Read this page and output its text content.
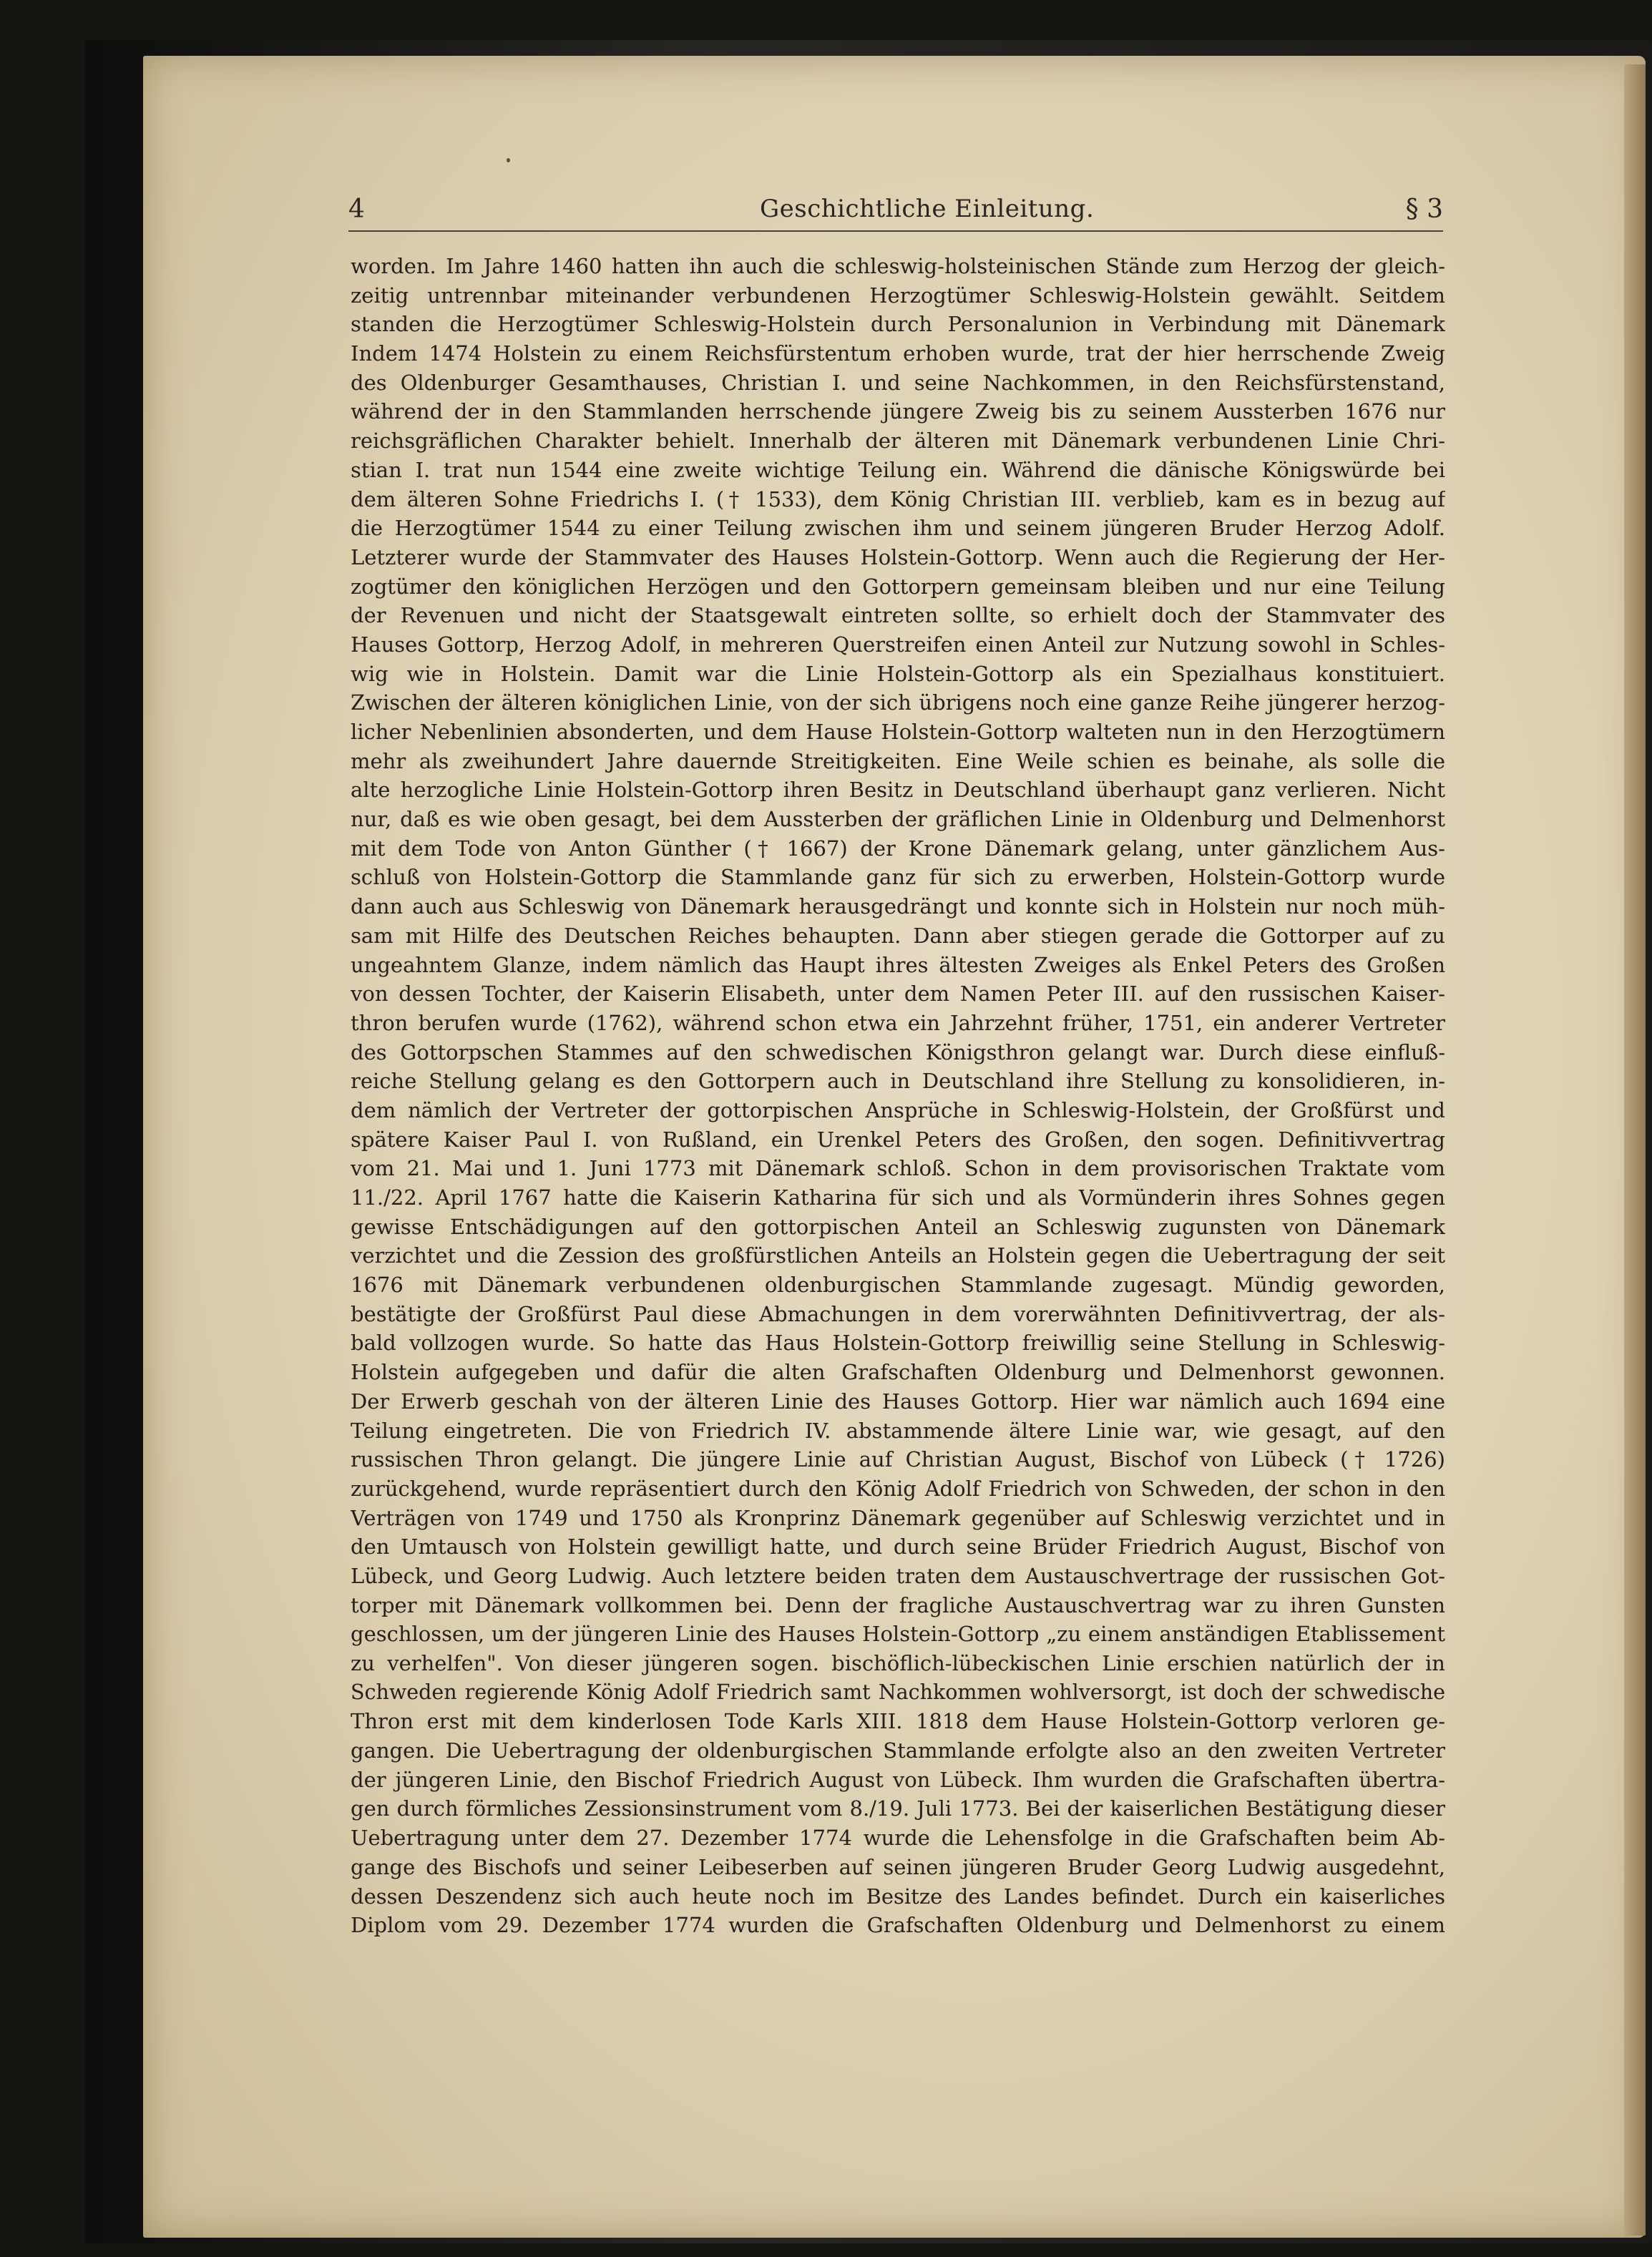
4	Geschichtliche Einleitung.	§ 3
worden. Im Jahre 1460 hatten ihn auch die schleswig-holsteinischen Stände zum Herzog der gleich-
zeitig untrennbar miteinander verbundenen Herzogtümer Schleswig-Holstein gewählt. Seitdem
standen die Herzogtümer Schleswig-Holstein durch Personalunion in Verbindung mit Dänemark
Indem 1474 Holstein zu einem Reichsfürstentum erhoben wurde, trat der hier herrschende Zweig
des Oldenburger Gesamthauses, Christian I. und seine Nachkommen, in den Reichsfürstenstand,
während der in den Stammlanden herrschende jüngere Zweig bis zu seinem Aussterben 1676 nur
reichsgräflichen Charakter behielt. Innerhalb der älteren mit Dänemark verbundenen Linie Chri-
stian I. trat nun 1544 eine zweite wichtige Teilung ein. Während die dänische Königswürde bei
dem älteren Sohne Friedrichs I. († 1533), dem König Christian III. verblieb, kam es in bezug auf
die Herzogtümer 1544 zu einer Teilung zwischen ihm und seinem jüngeren Bruder Herzog Adolf.
Letzterer wurde der Stammvater des Hauses Holstein-Gottorp. Wenn auch die Regierung der Her-
zogtümer den königlichen Herzögen und den Gottorpern gemeinsam bleiben und nur eine Teilung
der Revenuen und nicht der Staatsgewalt eintreten sollte, so erhielt doch der Stammvater des
Hauses Gottorp, Herzog Adolf, in mehreren Querstreifen einen Anteil zur Nutzung sowohl in Schles-
wig wie in Holstein. Damit war die Linie Holstein-Gottorp als ein Spezialhaus konstituiert.
Zwischen der älteren königlichen Linie, von der sich übrigens noch eine ganze Reihe jüngerer herzog-
licher Nebenlinien absonderten, und dem Hause Holstein-Gottorp walteten nun in den Herzogtümern
mehr als zweihundert Jahre dauernde Streitigkeiten. Eine Weile schien es beinahe, als solle die
alte herzogliche Linie Holstein-Gottorp ihren Besitz in Deutschland überhaupt ganz verlieren. Nicht
nur, daß es wie oben gesagt, bei dem Aussterben der gräflichen Linie in Oldenburg und Delmenhorst
mit dem Tode von Anton Günther († 1667) der Krone Dänemark gelang, unter gänzlichem Aus-
schluß von Holstein-Gottorp die Stammlande ganz für sich zu erwerben, Holstein-Gottorp wurde
dann auch aus Schleswig von Dänemark herausgedrängt und konnte sich in Holstein nur noch müh-
sam mit Hilfe des Deutschen Reiches behaupten. Dann aber stiegen gerade die Gottorper auf zu
ungeahntem Glanze, indem nämlich das Haupt ihres ältesten Zweiges als Enkel Peters des Großen
von dessen Tochter, der Kaiserin Elisabeth, unter dem Namen Peter III. auf den russischen Kaiser-
thron berufen wurde (1762), während schon etwa ein Jahrzehnt früher, 1751, ein anderer Vertreter
des Gottorpschen Stammes auf den schwedischen Königsthron gelangt war. Durch diese einfluß-
reiche Stellung gelang es den Gottorpern auch in Deutschland ihre Stellung zu konsolidieren, in-
dem nämlich der Vertreter der gottorpischen Ansprüche in Schleswig-Holstein, der Großfürst und
spätere Kaiser Paul I. von Rußland, ein Urenkel Peters des Großen, den sogen. Definitivvertrag
vom 21. Mai und 1. Juni 1773 mit Dänemark schloß. Schon in dem provisorischen Traktate vom
11./22. April 1767 hatte die Kaiserin Katharina für sich und als Vormünderin ihres Sohnes gegen
gewisse Entschädigungen auf den gottorpischen Anteil an Schleswig zugunsten von Dänemark
verzichtet und die Zession des großfürstlichen Anteils an Holstein gegen die Uebertragung der seit
1676 mit Dänemark verbundenen oldenburgischen Stammlande zugesagt. Mündig geworden,
bestätigte der Großfürst Paul diese Abmachungen in dem vorerwähnten Definitivvertrag, der als-
bald vollzogen wurde. So hatte das Haus Holstein-Gottorp freiwillig seine Stellung in Schleswig-
Holstein aufgegeben und dafür die alten Grafschaften Oldenburg und Delmenhorst gewonnen.
Der Erwerb geschah von der älteren Linie des Hauses Gottorp. Hier war nämlich auch 1694 eine
Teilung eingetreten. Die von Friedrich IV. abstammende ältere Linie war, wie gesagt, auf den
russischen Thron gelangt. Die jüngere Linie auf Christian August, Bischof von Lübeck († 1726)
zurückgehend, wurde repräsentiert durch den König Adolf Friedrich von Schweden, der schon in den
Verträgen von 1749 und 1750 als Kronprinz Dänemark gegenüber auf Schleswig verzichtet und in
den Umtausch von Holstein gewilligt hatte, und durch seine Brüder Friedrich August, Bischof von
Lübeck, und Georg Ludwig. Auch letztere beiden traten dem Austauschvertrage der russischen Got-
torper mit Dänemark vollkommen bei. Denn der fragliche Austauschvertrag war zu ihren Gunsten
geschlossen, um der jüngeren Linie des Hauses Holstein-Gottorp „zu einem anständigen Etablissement
zu verhelfen". Von dieser jüngeren sogen. bischöflich-lübeckischen Linie erschien natürlich der in
Schweden regierende König Adolf Friedrich samt Nachkommen wohlversorgt, ist doch der schwedische
Thron erst mit dem kinderlosen Tode Karls XIII. 1818 dem Hause Holstein-Gottorp verloren ge-
gangen. Die Uebertragung der oldenburgischen Stammlande erfolgte also an den zweiten Vertreter
der jüngeren Linie, den Bischof Friedrich August von Lübeck. Ihm wurden die Grafschaften übertra-
gen durch förmliches Zessionsinstrument vom 8./19. Juli 1773. Bei der kaiserlichen Bestätigung dieser
Uebertragung unter dem 27. Dezember 1774 wurde die Lehensfolge in die Grafschaften beim Ab-
gange des Bischofs und seiner Leibeserben auf seinen jüngeren Bruder Georg Ludwig ausgedehnt,
dessen Deszendenz sich auch heute noch im Besitze des Landes befindet. Durch ein kaiserliches
Diplom vom 29. Dezember 1774 wurden die Grafschaften Oldenburg und Delmenhorst zu einem
